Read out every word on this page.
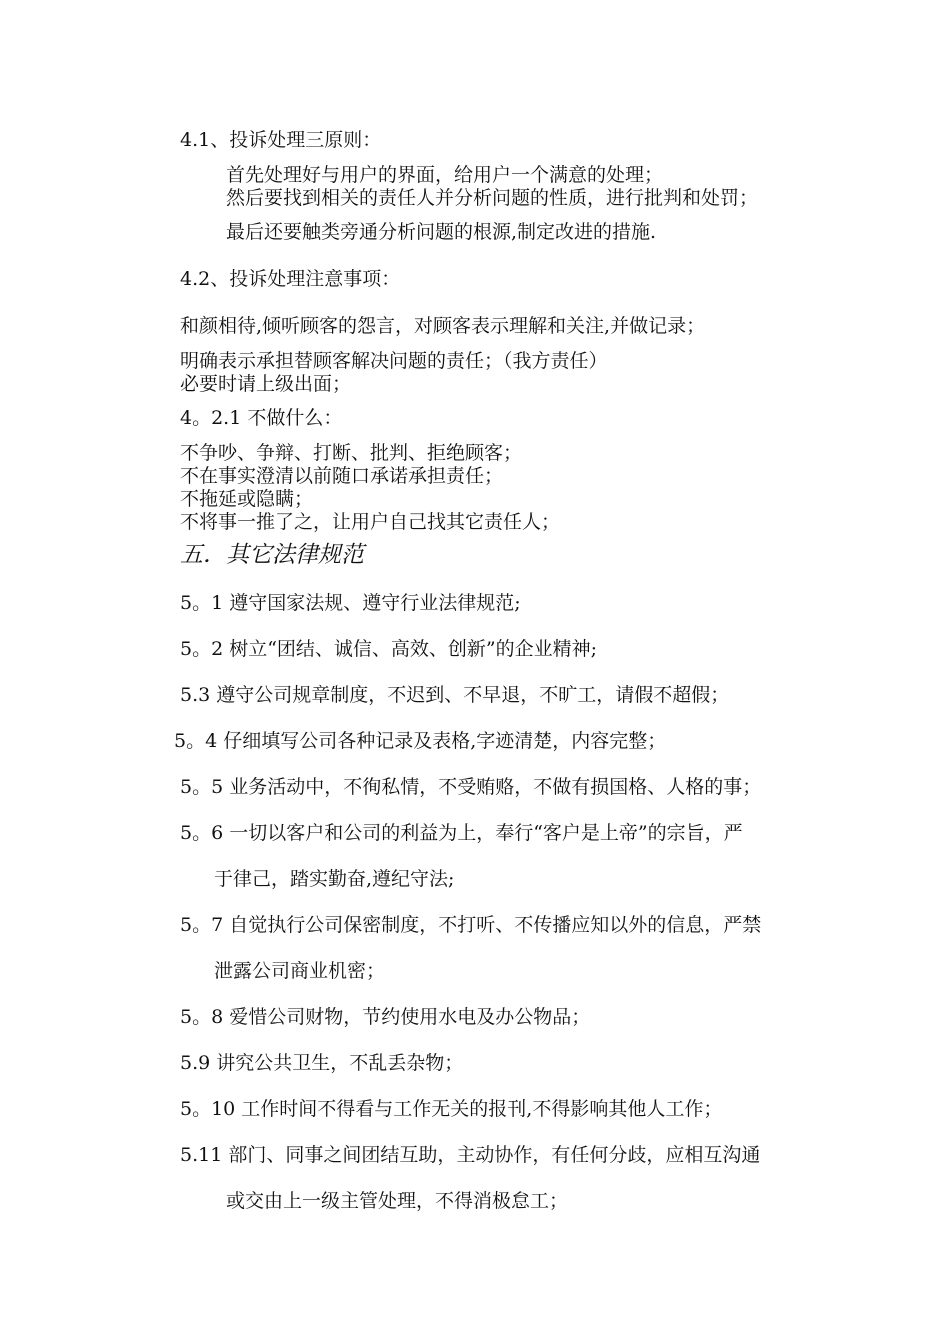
4.1、投诉处理三原则：
首先处理好与用户的界面，给用户一个满意的处理；
然后要找到相关的责任人并分析问题的性质，进行批判和处罚；
最后还要触类旁通分析问题的根源,制定改进的措施.
4.2、投诉处理注意事项：
和颜相待,倾听顾客的怨言，对顾客表示理解和关注,并做记录；
明确表示承担替顾客解决问题的责任；（我方责任）
必要时请上级出面；
4。2.1 不做什么：
不争吵、争辩、打断、批判、拒绝顾客；
不在事实澄清以前随口承诺承担责任；
不拖延或隐瞒；
不将事一推了之，让用户自己找其它责任人；
五．其它法律规范
5。1 遵守国家法规、遵守行业法律规范;
5。2 树立“团结、诚信、高效、创新”的企业精神;
5.3 遵守公司规章制度，不迟到、不早退，不旷工，请假不超假；
5。4 仔细填写公司各种记录及表格,字迹清楚，内容完整；
5。5 业务活动中，不徇私情，不受贿赂，不做有损国格、人格的事；
5。6 一切以客户和公司的利益为上，奉行“客户是上帝”的宗旨，严
于律己，踏实勤奋,遵纪守法;
5。7 自觉执行公司保密制度，不打听、不传播应知以外的信息，严禁
泄露公司商业机密；
5。8 爱惜公司财物，节约使用水电及办公物品；
5.9 讲究公共卫生，不乱丢杂物；
5。10 工作时间不得看与工作无关的报刊,不得影响其他人工作；
5.11 部门、同事之间团结互助，主动协作，有任何分歧，应相互沟通
或交由上一级主管处理，不得消极怠工；
